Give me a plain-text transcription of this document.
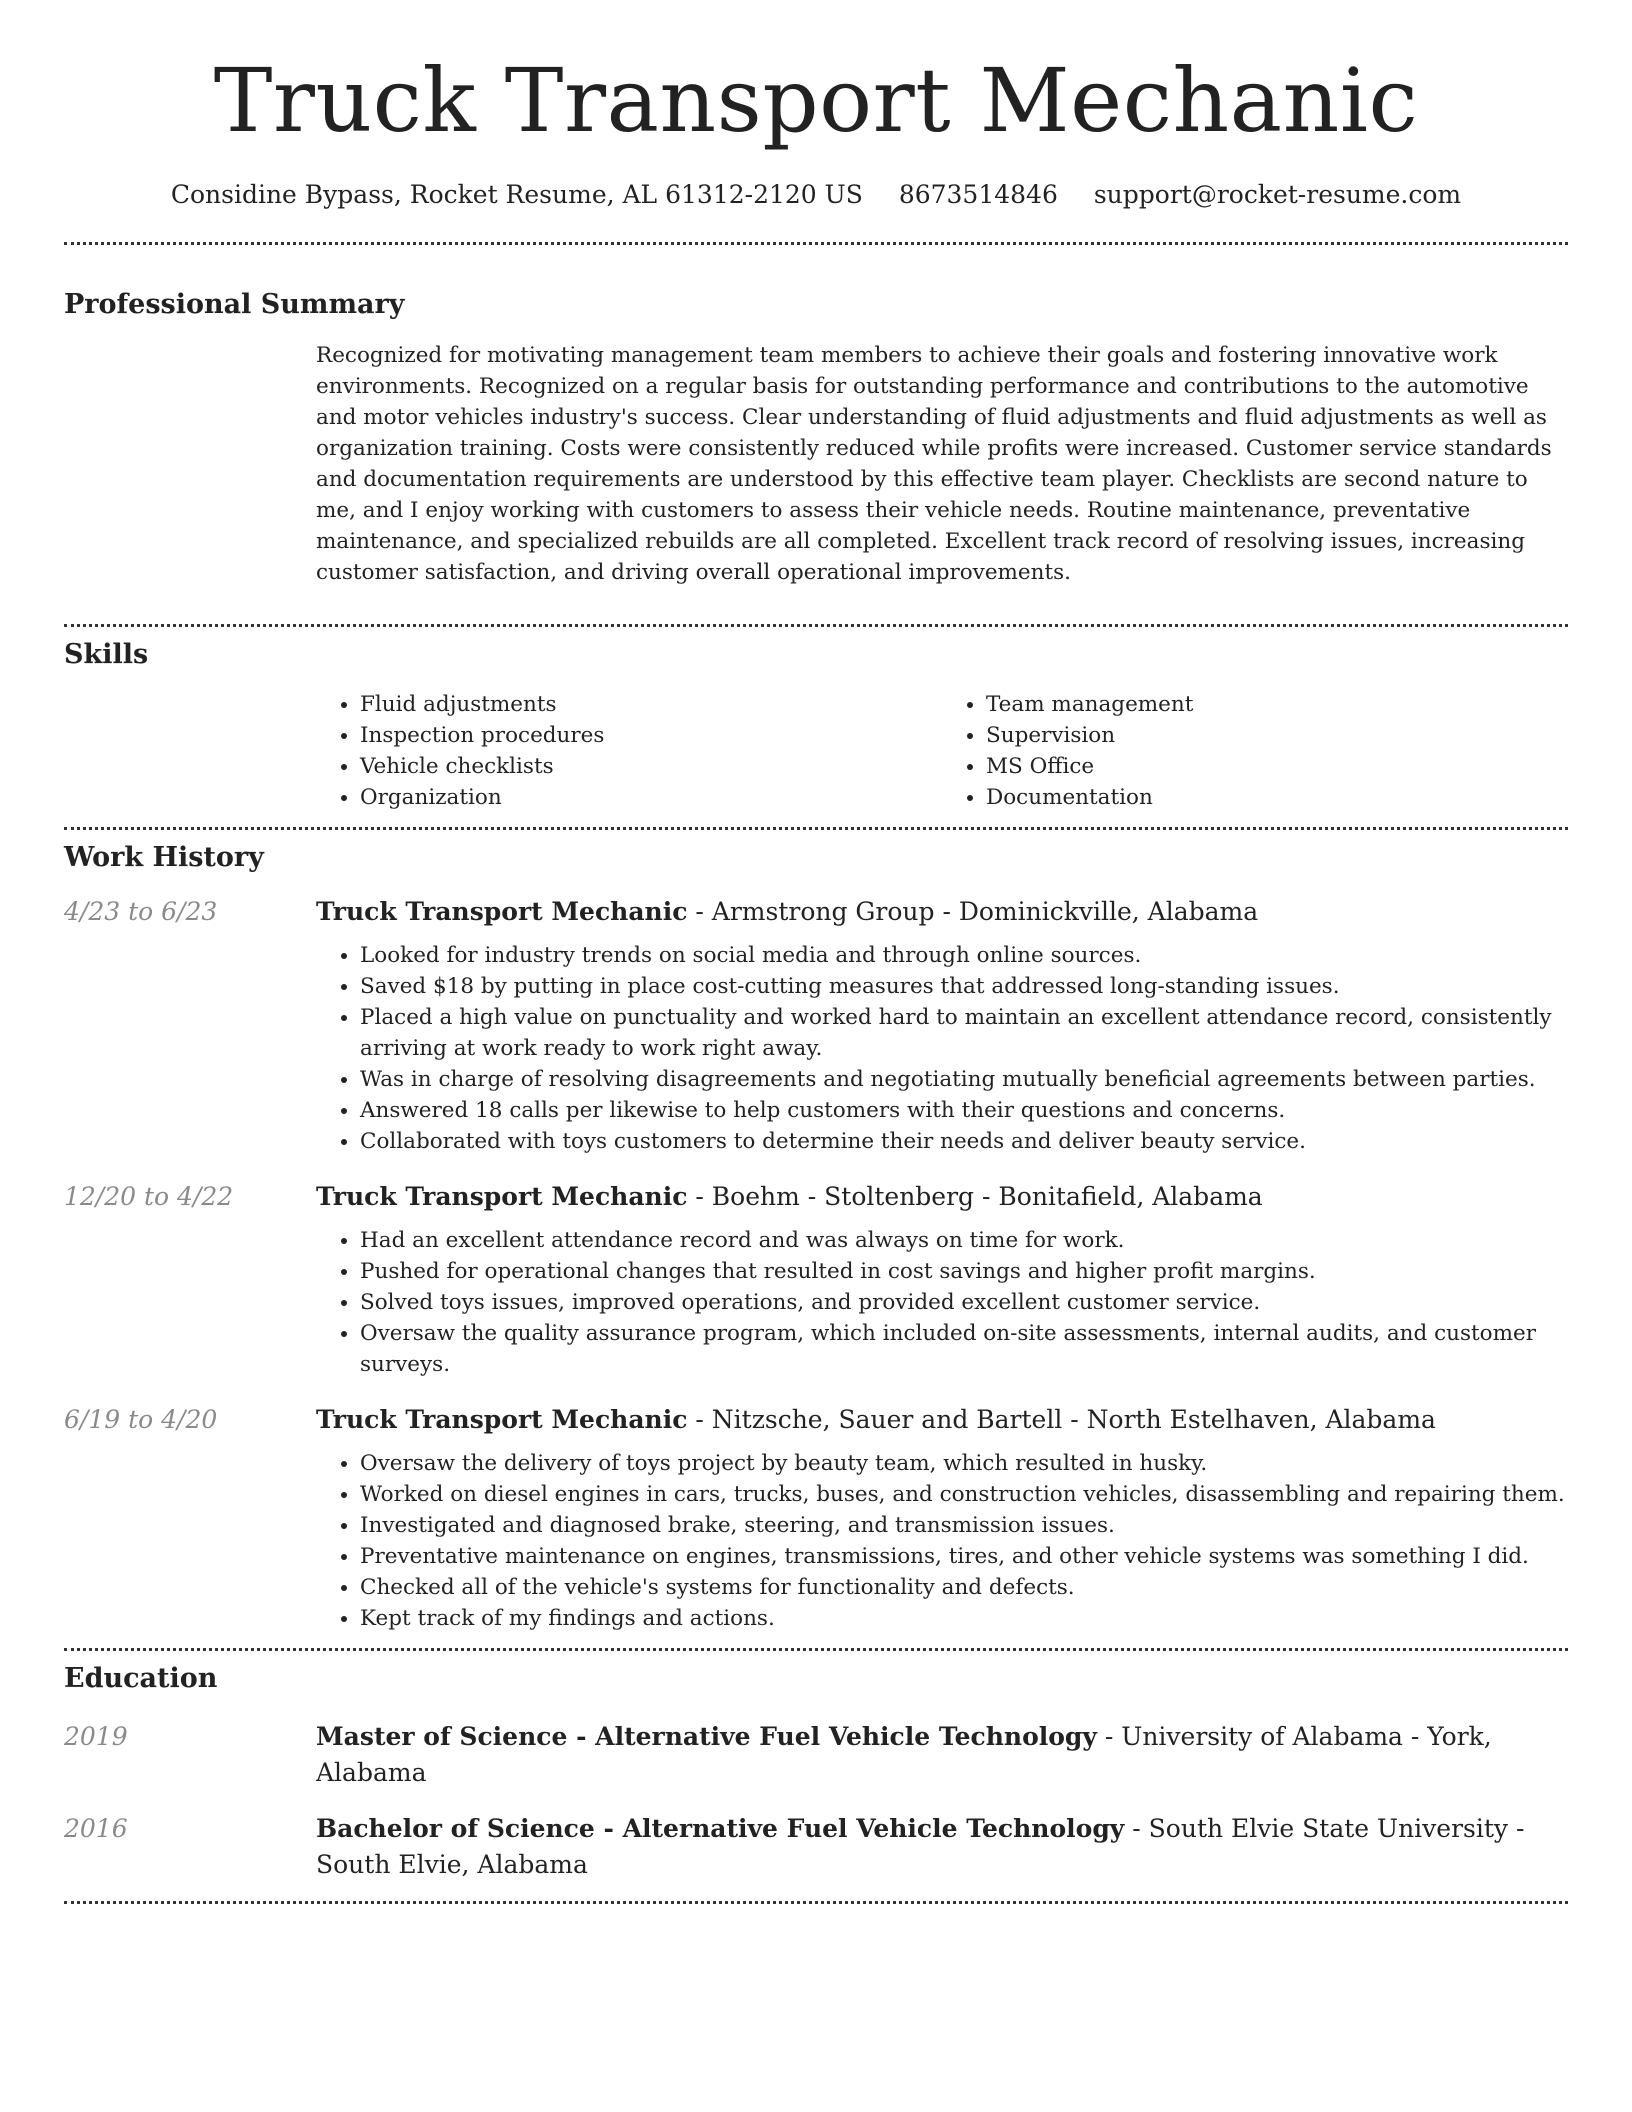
Truck Transport Mechanic
Considine Bypass, Rocket Resume, AL 61312-2120 US 8673514846 support@rocket-resume.com
Professional Summary

Recognized for motivating management team members to achieve their goals and fostering innovative work environments. Recognized on a regular basis for outstanding performance and contributions to the automotive and motor vehicles industry's success. Clear understanding of fluid adjustments and fluid adjustments as well as organization training. Costs were consistently reduced while profits were increased. Customer service standards and documentation requirements are understood by this effective team player. Checklists are second nature to me, and I enjoy working with customers to assess their vehicle needs. Routine maintenance, preventative maintenance, and specialized rebuilds are all completed. Excellent track record of resolving issues, increasing customer satisfaction, and driving overall operational improvements.

Skills
• Fluid adjustments
• Inspection procedures
• Vehicle checklists
• Organization
• Team management
• Supervision
• MS Office
• Documentation
Work History
4/23 to 6/23	Truck Transport Mechanic - Armstrong Group - Dominickville, Alabama
• Looked for industry trends on social media and through online sources.
• Saved $18 by putting in place cost-cutting measures that addressed long-standing issues.
• Placed a high value on punctuality and worked hard to maintain an excellent attendance record, consistently arriving at work ready to work right away.
• Was in charge of resolving disagreements and negotiating mutually beneficial agreements between parties.
• Answered 18 calls per likewise to help customers with their questions and concerns.
• Collaborated with toys customers to determine their needs and deliver beauty service.
12/20 to 4/22	Truck Transport Mechanic - Boehm - Stoltenberg - Bonitafield, Alabama
• Had an excellent attendance record and was always on time for work.
• Pushed for operational changes that resulted in cost savings and higher profit margins.
• Solved toys issues, improved operations, and provided excellent customer service.
• Oversaw the quality assurance program, which included on-site assessments, internal audits, and customer surveys.
6/19 to 4/20	Truck Transport Mechanic - Nitzsche, Sauer and Bartell - North Estelhaven, Alabama
• Oversaw the delivery of toys project by beauty team, which resulted in husky.
• Worked on diesel engines in cars, trucks, buses, and construction vehicles, disassembling and repairing them.
• Investigated and diagnosed brake, steering, and transmission issues.
• Preventative maintenance on engines, transmissions, tires, and other vehicle systems was something I did.
• Checked all of the vehicle's systems for functionality and defects.
• Kept track of my findings and actions.
Education
2019	Master of Science - Alternative Fuel Vehicle Technology - University of Alabama - York, Alabama
2016	Bachelor of Science - Alternative Fuel Vehicle Technology - South Elvie State University - South Elvie, Alabama
